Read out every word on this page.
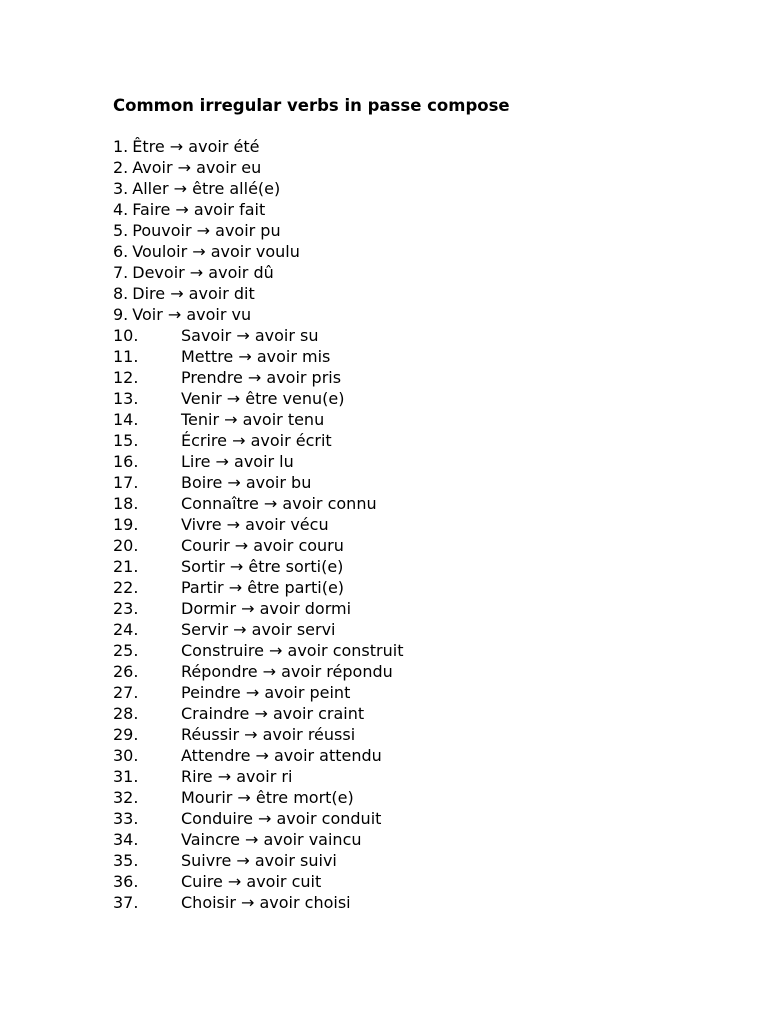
Common irregular verbs in passe compose
1. Être → avoir été
2. Avoir → avoir eu
3. Aller → être allé(e)
4. Faire → avoir fait
5. Pouvoir → avoir pu
6. Vouloir → avoir voulu
7. Devoir → avoir dû
8. Dire → avoir dit
9. Voir → avoir vu
10.	Savoir → avoir su
11.	Mettre → avoir mis
12.	Prendre → avoir pris
13.	Venir → être venu(e)
14.	Tenir → avoir tenu
15.	Écrire → avoir écrit
16.	Lire → avoir lu
17.	Boire → avoir bu
18.	Connaître → avoir connu
19.	Vivre → avoir vécu
20.	Courir → avoir couru
21.	Sortir → être sorti(e)
22.	Partir → être parti(e)
23.	Dormir → avoir dormi
24.	Servir → avoir servi
25.	Construire → avoir construit
26.	Répondre → avoir répondu
27.	Peindre → avoir peint
28.	Craindre → avoir craint
29.	Réussir → avoir réussi
30.	Attendre → avoir attendu
31.	Rire → avoir ri
32.	Mourir → être mort(e)
33.	Conduire → avoir conduit
34.	Vaincre → avoir vaincu
35.	Suivre → avoir suivi
36.	Cuire → avoir cuit
37.	Choisir → avoir choisi
